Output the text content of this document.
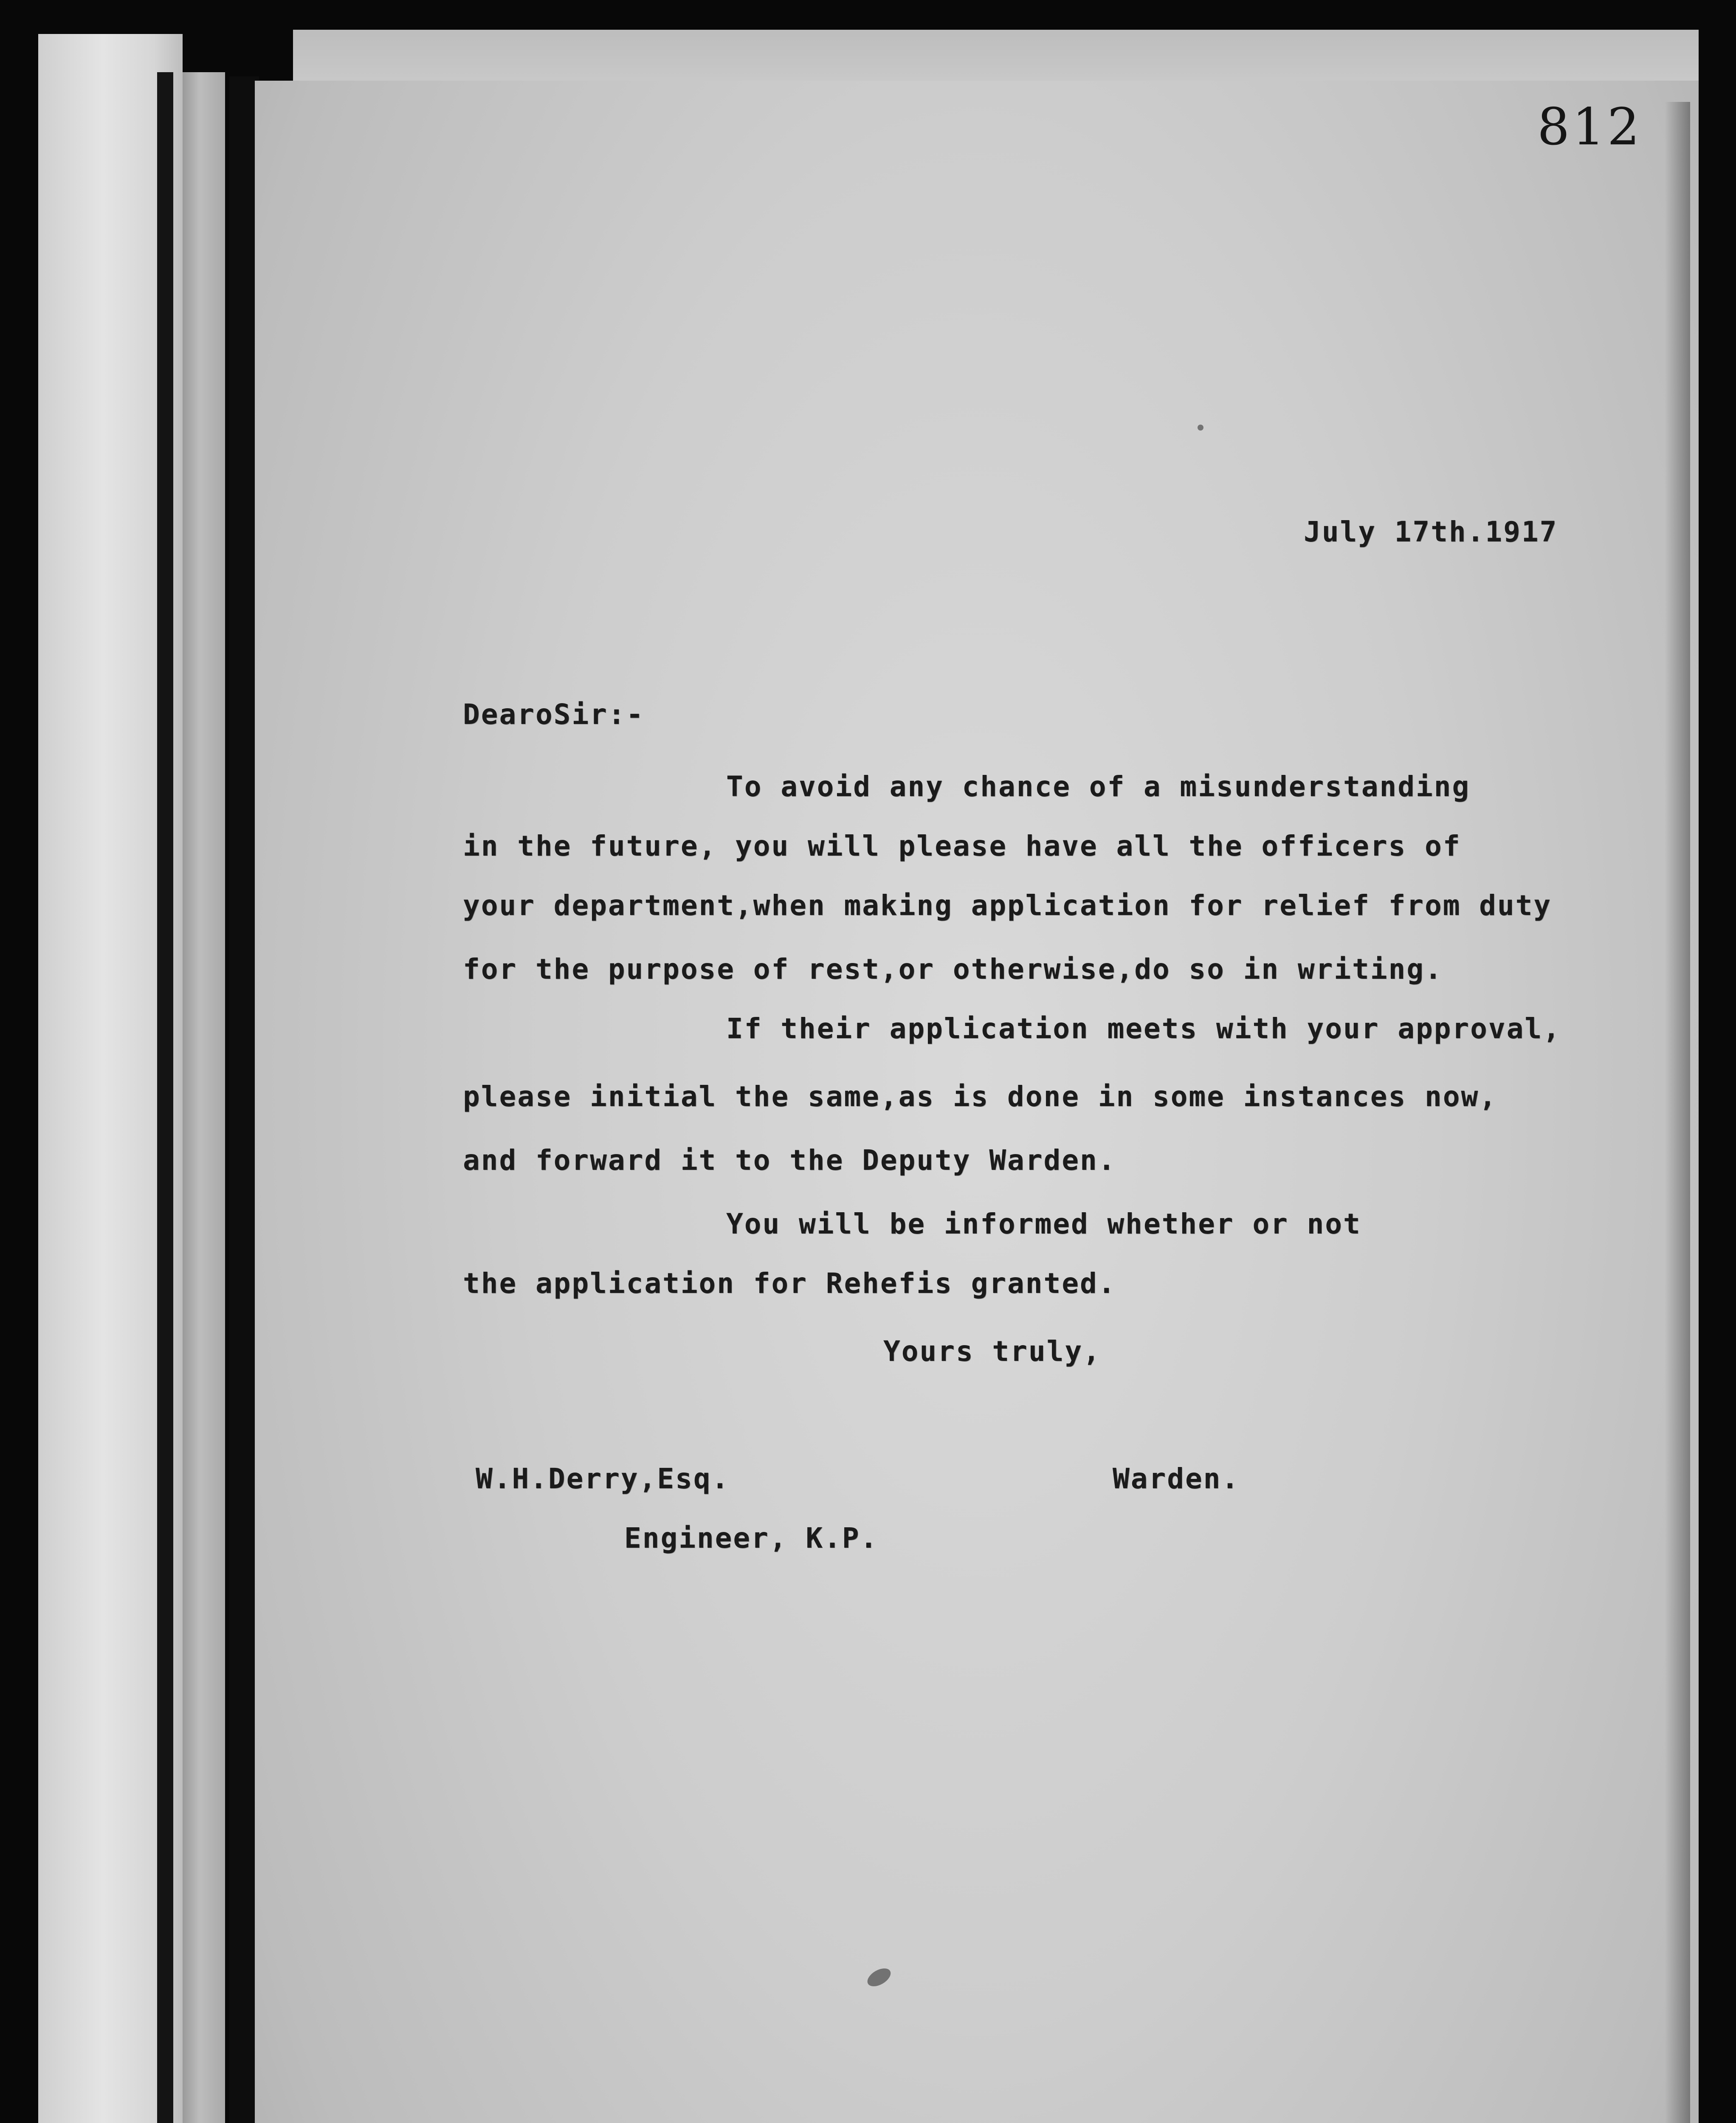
812
July 17th.1917
DearoSir:-
To avoid any chance of a misunderstanding
in the future, you will please have all the officers of
your department,when making application for relief from duty
for the purpose of rest,or otherwise,do so in writing.
If their application meets with your approval,
please initial the same,as is done in some instances now,
and forward it to the Deputy Warden.
You will be informed whether or not
the application for Rehefis granted.
Yours truly,
W.H.Derry,Esq.	Warden.
Engineer, K.P.
